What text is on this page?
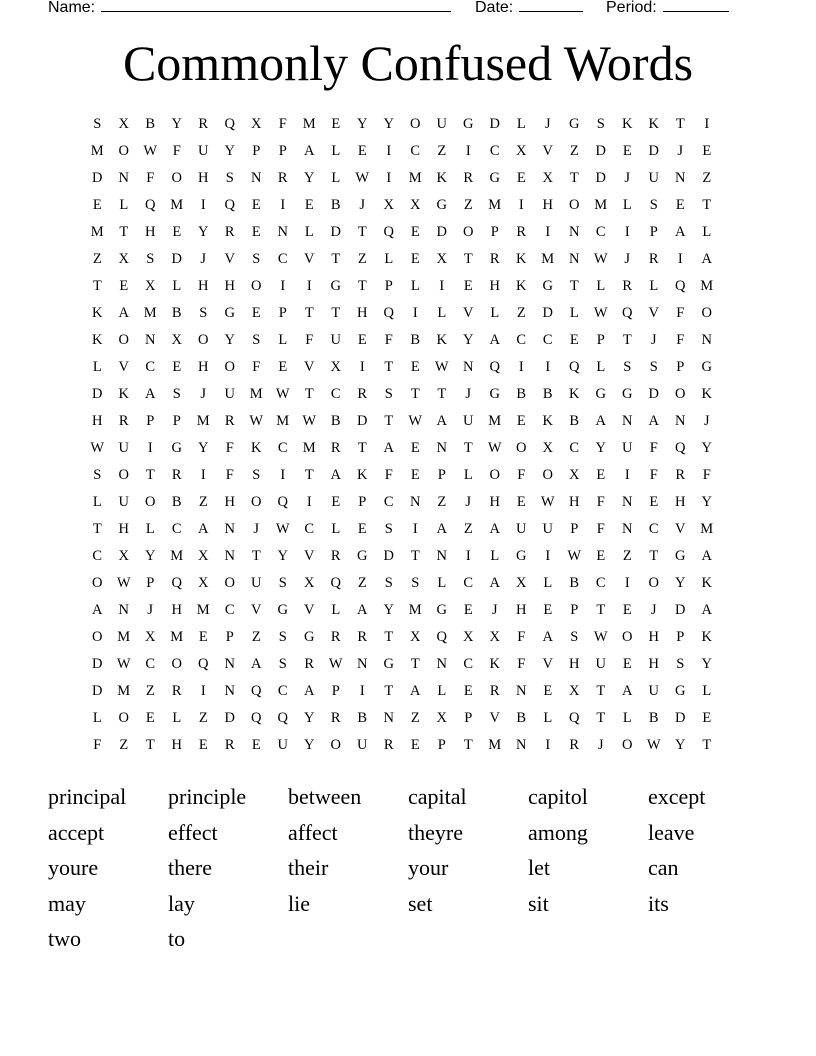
Name:	Date:	Period:
Commonly Confused Words
S	X	B	Y	R	Q	X	F	M	E	Y	Y	O	U	G	D	L	J	G	S	K	K	T	I
M	O W	F	U	Y	P	P	A	L	E	I	C	Z	I	C	X	V	Z	D	E	D	J	E
D	N	F	O	H	S	N	R	Y	L	W	I	M	K	R	G	E	X	T	D	J	U	N	Z
E	L	Q	M	I	Q	E	I	E	B	J	X	X	G	Z	M	I	H	O	M	L	S	E	T
M	T	H	E	Y	R	E	N	L	D	T	Q	E	D	O	P	R	I	N	C	I	P	A	L
Z	X	S	D	J	V	S	C	V	T	Z	L	E	X	T	R	K	M	N W	J	R	I	A
T	E	X	L	H	H	O	I	I	G	T	P	L	I	E	H	K	G	T	L	R	L	Q	M
K	A	M	B	S	G	E	P	T	T	H	Q	I	L	V	L	Z	D	L	W Q	V	F	O
K	O	N	X	O	Y	S	L	F	U	E	F	B	K	Y	A	C	C	E	P	T	J	F	N
L	V	C	E	H	O	F	E	V	X	I	T	E	W N	Q	I	I	Q	L	S	S	P	G
D	K	A	S	J	U	M W	T	C	R	S	T	T	J	G	B	B	K	G	G	D	O	K
H	R	P	P	M	R	W M W	B	D	T	W A	U	M	E	K	B	A	N	A	N	J
W U	I	G	Y	F	K	C	M	R	T	A	E	N	T	W O	X	C	Y	U	F	Q	Y
S	O	T	R	I	F	S	I	T	A	K	F	E	P	L	O	F	O	X	E	I	F	R	F
L	U	O	B	Z	H	O	Q	I	E	P	C	N	Z	J	H	E	W H	F	N	E	H	Y
T	H	L	C	A	N	J	W	C	L	E	S	I	A	Z	A	U	U	P	F	N	C	V	M
C	X	Y	M	X	N	T	Y	V	R	G	D	T	N	I	L	G	I	W	E	Z	T	G	A
O W	P	Q	X	O	U	S	X	Q	Z	S	S	L	C	A	X	L	B	C	I	O	Y	K
A	N	J	H	M	C	V	G	V	L	A	Y	M	G	E	J	H	E	P	T	E	J	D	A
O	M	X	M	E	P	Z	S	G	R	R	T	X	Q	X	X	F	A	S	W O	H	P	K
D W	C	O	Q	N	A	S	R	W N	G	T	N	C	K	F	V	H	U	E	H	S	Y
D	M	Z	R	I	N	Q	C	A	P	I	T	A	L	E	R	N	E	X	T	A	U	G	L
L	O	E	L	Z	D	Q	Q	Y	R	B	N	Z	X	P	V	B	L	Q	T	L	B	D	E
F	Z	T	H	E	R	E	U	Y	O	U	R	E	P	T	M	N	I	R	J	O W Y	T
principal	principle	between	capital	capitol	except
accept	effect	affect	theyre	among	leave
youre	there	their	your	let	can
may	lay	lie	set	sit	its
two	to
